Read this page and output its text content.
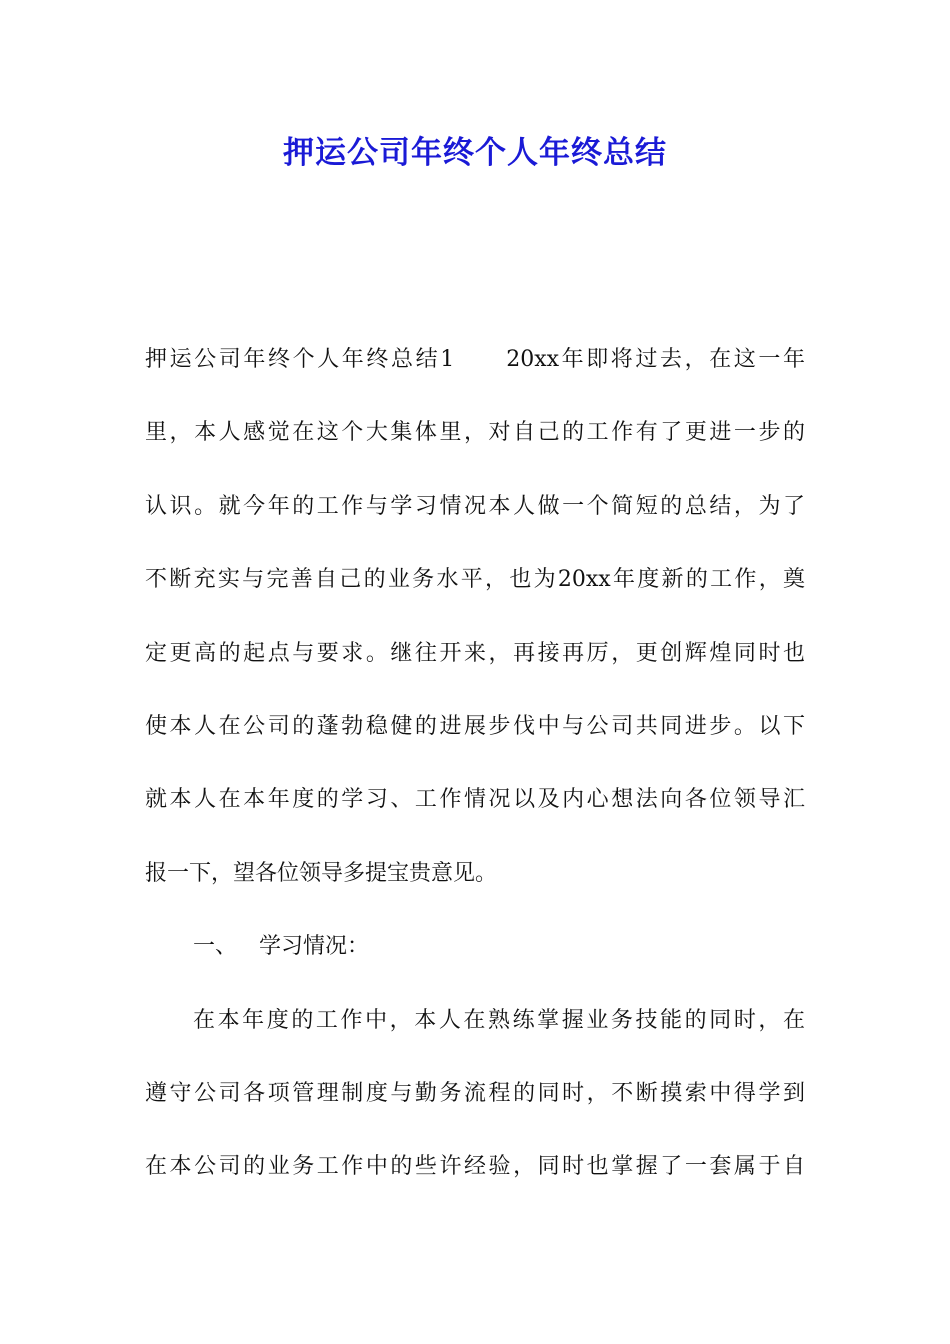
押运公司年终个人年终总结
押运公司年终个人年终总结1 20xx年即将过去，在这一年
里，本人感觉在这个大集体里，对自己的工作有了更进一步的
认识。就今年的工作与学习情况本人做一个简短的总结，为了
不断充实与完善自己的业务水平，也为20xx年度新的工作，奠
定更高的起点与要求。继往开来，再接再厉，更创辉煌同时也
使本人在公司的蓬勃稳健的进展步伐中与公司共同进步。以下
就本人在本年度的学习、工作情况以及内心想法向各位领导汇
报一下，望各位领导多提宝贵意见。
一、 学习情况：
在本年度的工作中，本人在熟练掌握业务技能的同时，在
遵守公司各项管理制度与勤务流程的同时，不断摸索中得学到
在本公司的业务工作中的些许经验，同时也掌握了一套属于自
